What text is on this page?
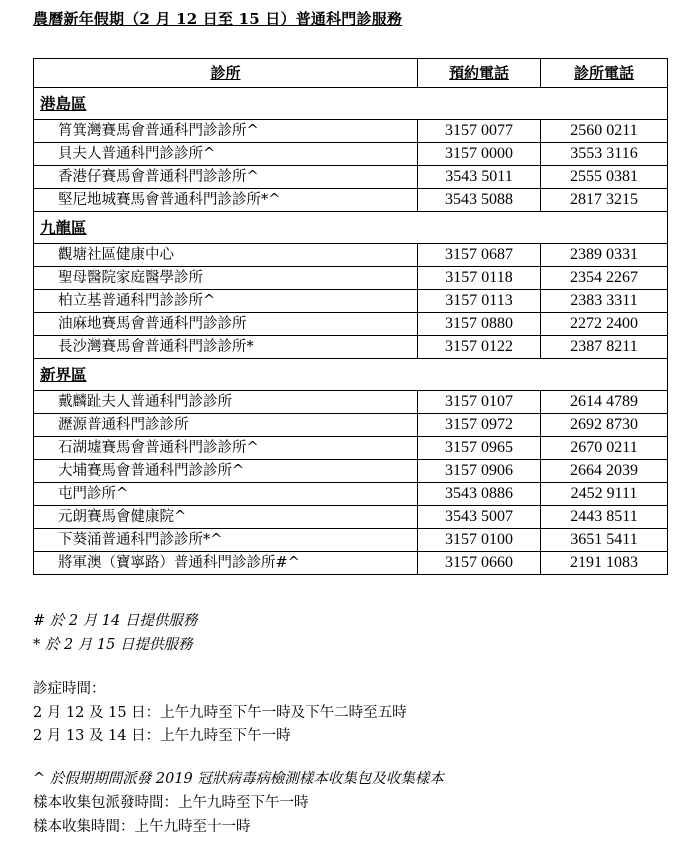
農曆新年假期（2 月 12 日至 15 日）普通科門診服務
診所	預約電話	診所電話
港島區		
筲箕灣賽馬會普通科門診診所^	3157 0077	2560 0211
貝夫人普通科門診診所^	3157 0000	3553 3116
香港仔賽馬會普通科門診診所^	3543 5011	2555 0381
堅尼地城賽馬會普通科門診診所*^	3543 5088	2817 3215
九龍區		
觀塘社區健康中心	3157 0687	2389 0331
聖母醫院家庭醫學診所	3157 0118	2354 2267
柏立基普通科門診診所^	3157 0113	2383 3311
油麻地賽馬會普通科門診診所	3157 0880	2272 2400
長沙灣賽馬會普通科門診診所*	3157 0122	2387 8211
新界區		
戴麟趾夫人普通科門診診所	3157 0107	2614 4789
瀝源普通科門診診所	3157 0972	2692 8730
石湖墟賽馬會普通科門診診所^	3157 0965	2670 0211
大埔賽馬會普通科門診診所^	3157 0906	2664 2039
屯門診所^	3543 0886	2452 9111
元朗賽馬會健康院^	3543 5007	2443 8511
下葵涌普通科門診診所*^	3157 0100	3651 5411
將軍澳（寶寧路）普通科門診診所#^	3157 0660	2191 1083
# 於 2 月 14 日提供服務
* 於 2 月 15 日提供服務
診症時間：
2 月 12 及 15 日：上午九時至下午一時及下午二時至五時
2 月 13 及 14 日：上午九時至下午一時
^ 於假期期間派發 2019 冠狀病毒病檢測樣本收集包及收集樣本
樣本收集包派發時間：上午九時至下午一時
樣本收集時間：上午九時至十一時
